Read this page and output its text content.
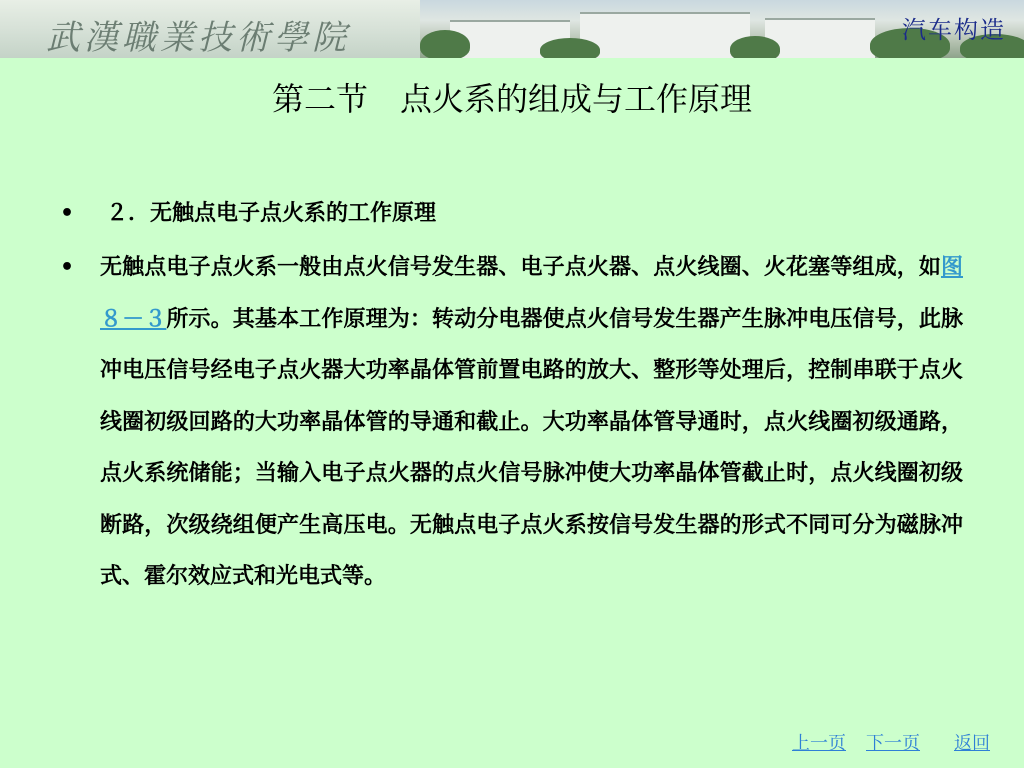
武漢職業技術學院	汽车构造
第二节　点火系的组成与工作原理
• ２．无触点电子点火系的工作原理
• 无触点电子点火系一般由点火信号发生器、电子点火器、点火线圈、火花塞等组成，如图８－３所示。其基本工作原理为：转动分电器使点火信号发生器产生脉冲电压信号，此脉冲电压信号经电子点火器大功率晶体管前置电路的放大、整形等处理后，控制串联于点火线圈初级回路的大功率晶体管的导通和截止。大功率晶体管导通时，点火线圈初级通路，点火系统储能；当输入电子点火器的点火信号脉冲使大功率晶体管截止时，点火线圈初级断路，次级绕组便产生高压电。无触点电子点火系按信号发生器的形式不同可分为磁脉冲式、霍尔效应式和光电式等。
上一页 下一页 返回
